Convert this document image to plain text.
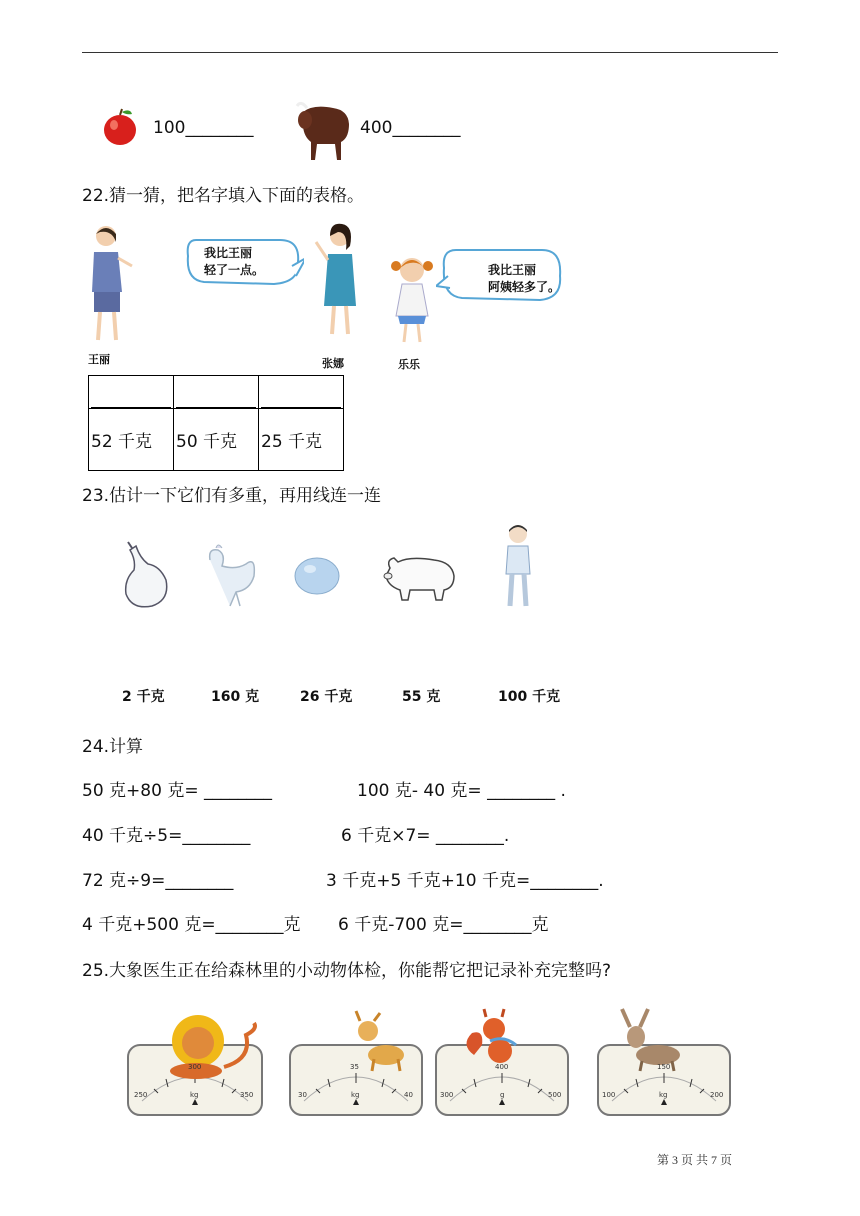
100________	400________
22.猜一猜，把名字填入下面的表格。
王丽
我比王丽
轻了一点。
张娜	乐乐
我比王丽
阿姨轻多了。

52 千克	50 千克	25 千克
23.估计一下它们有多重，再用线连一连
2 千克	160 克	26 千克	55 克	100 千克
24.计算
50 克+80 克= ________	100 克- 40 克= ________ .
40 千克÷5=________	6 千克×7= ________.
72 克÷9=________	3 千克+5 千克+10 千克=________.
4 千克+500 克=________克 6 千克-700 克=________克
25.大象医生正在给森林里的小动物体检，你能帮它把记录补充完整吗?
300
250	350
kg
35
30	40
kg
400
300	500
g
150
100	200
kg
第 3 页 共 7 页
